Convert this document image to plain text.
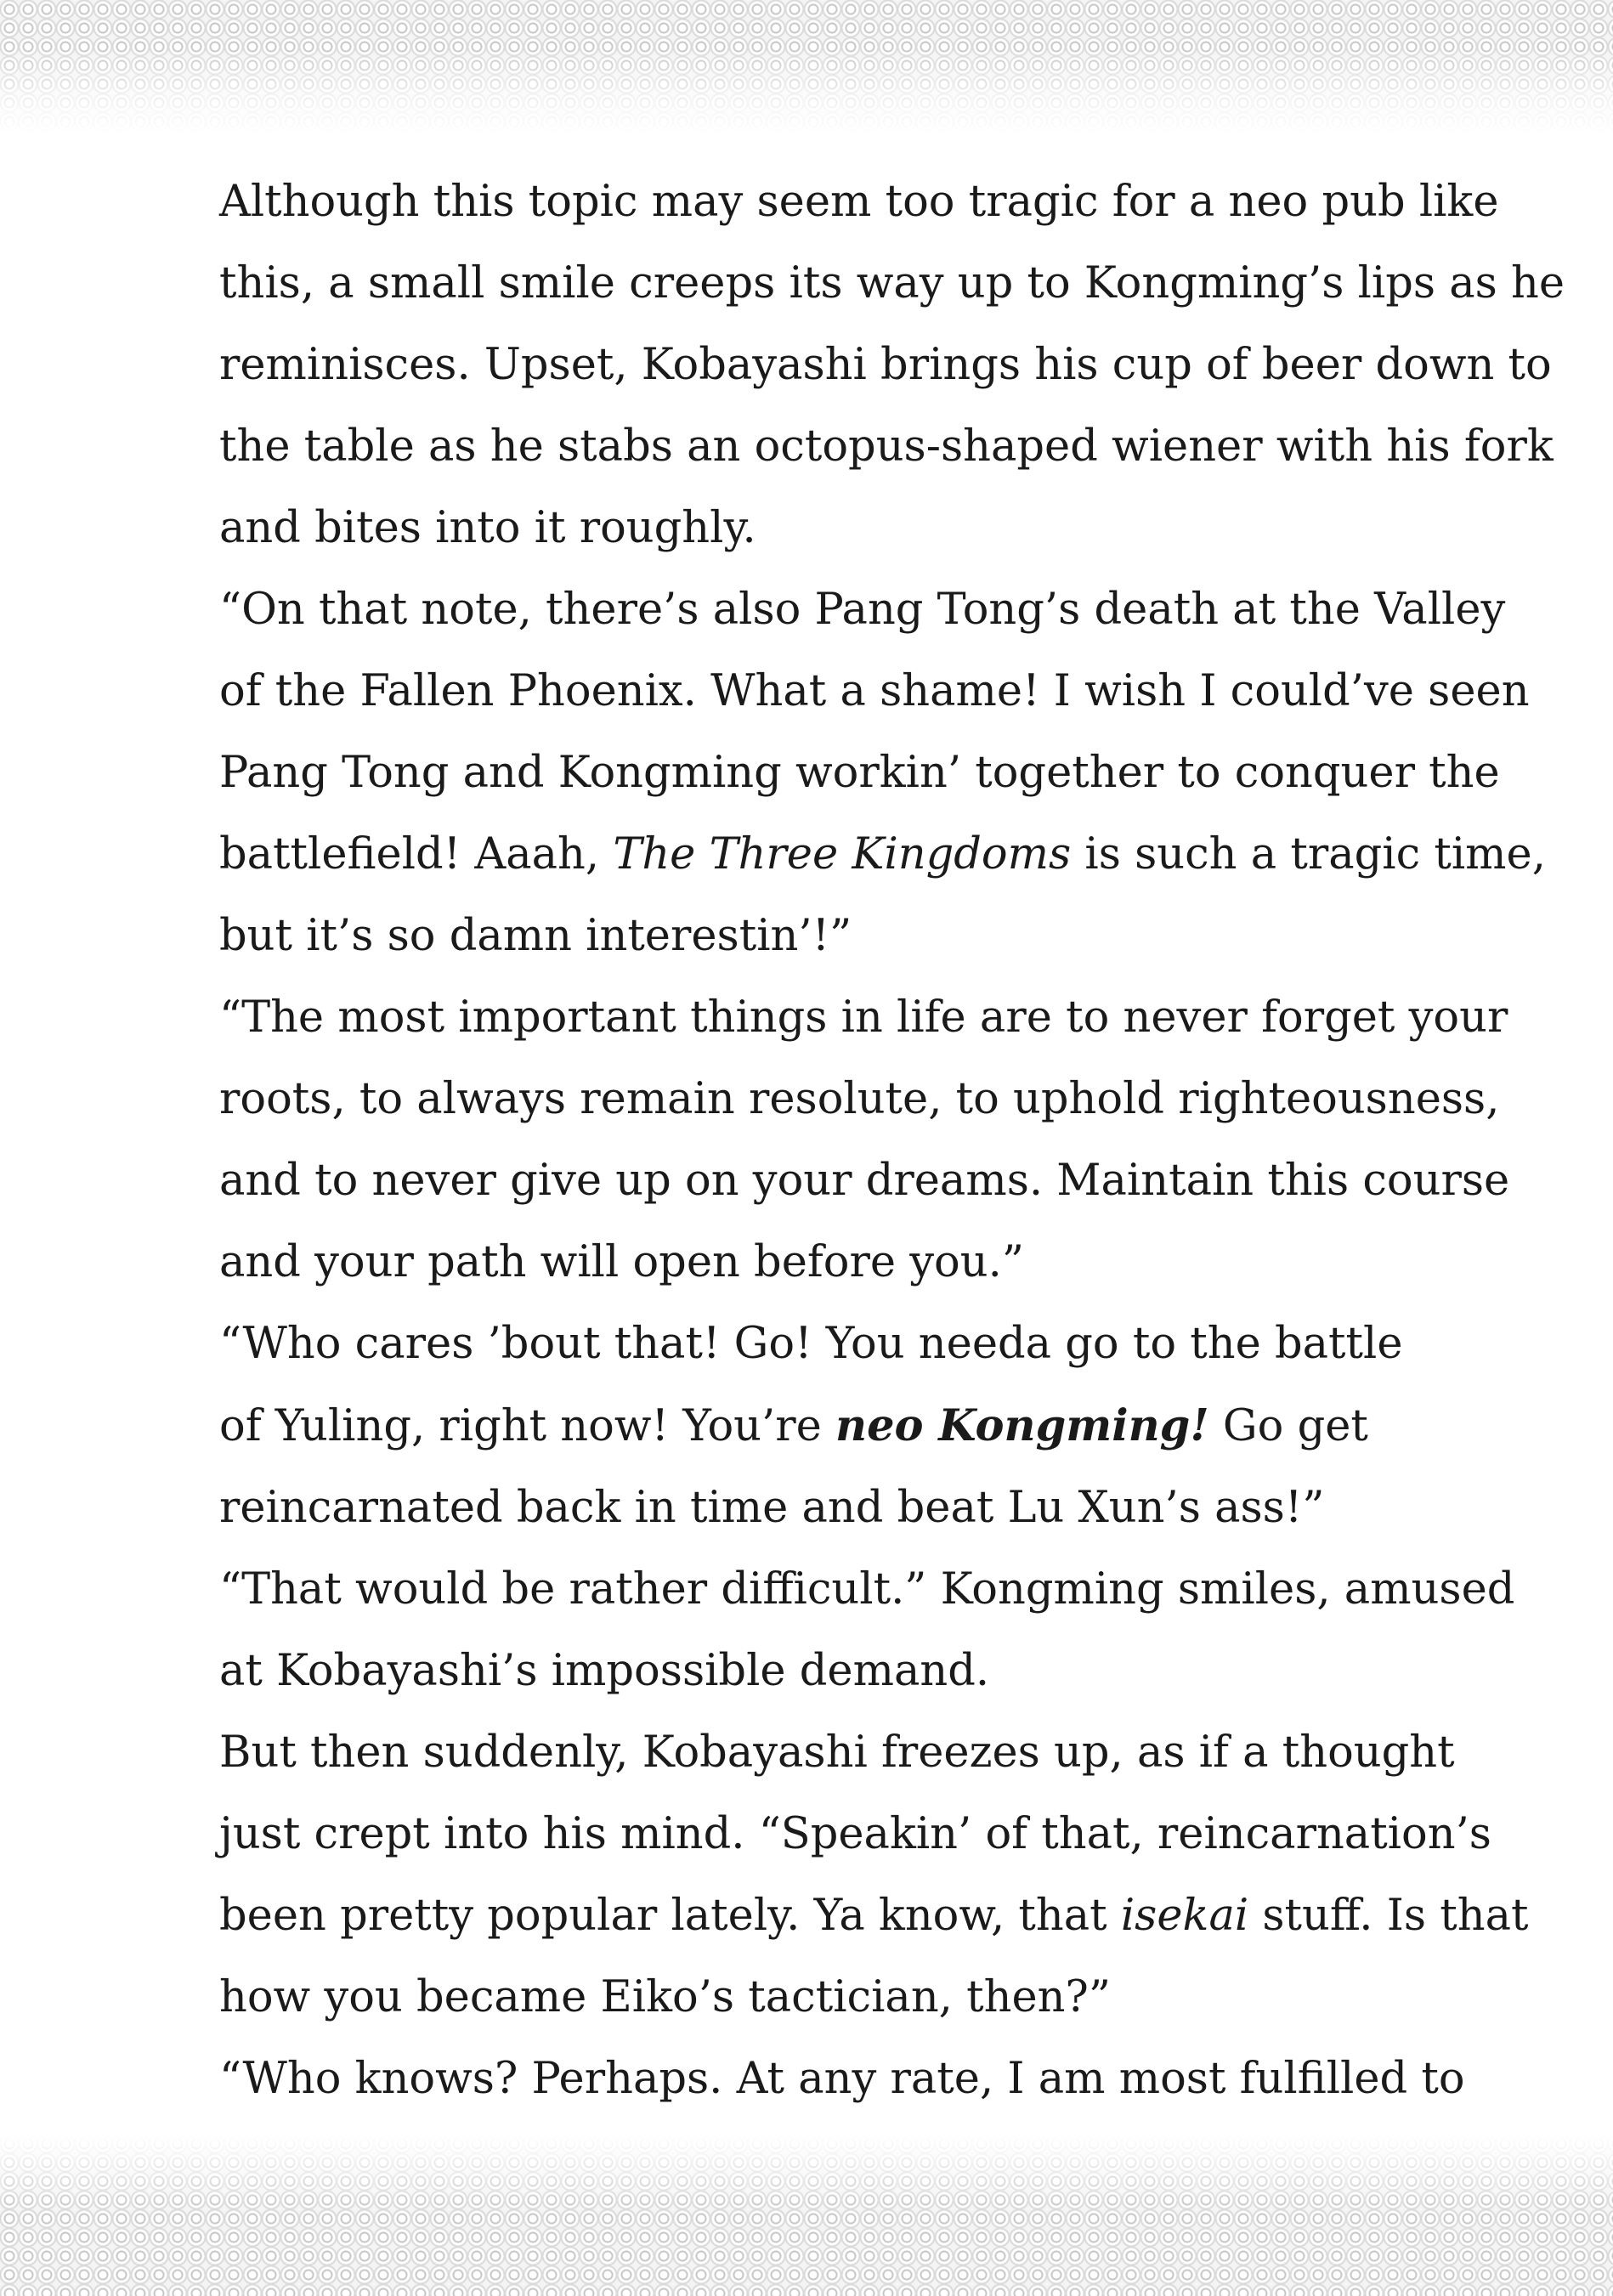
Although this topic may seem too tragic for a neo pub like
this, a small smile creeps its way up to Kongming’s lips as he
reminisces. Upset, Kobayashi brings his cup of beer down to
the table as he stabs an octopus-shaped wiener with his fork
and bites into it roughly.

“On that note, there’s also Pang Tong’s death at the Valley
of the Fallen Phoenix. What a shame! I wish I could’ve seen
Pang Tong and Kongming workin’ together to conquer the
battlefield! Aaah, The Three Kingdoms is such a tragic time,
but it’s so damn interestin’!”

“The most important things in life are to never forget your
roots, to always remain resolute, to uphold righteousness,
and to never give up on your dreams. Maintain this course
and your path will open before you.”

“Who cares ’bout that! Go! You needa go to the battle
of Yuling, right now! You’re neo Kongming! Go get
reincarnated back in time and beat Lu Xun’s ass!”

“That would be rather difficult.” Kongming smiles, amused
at Kobayashi’s impossible demand.

But then suddenly, Kobayashi freezes up, as if a thought
just crept into his mind. “Speakin’ of that, reincarnation’s
been pretty popular lately. Ya know, that isekai stuff. Is that
how you became Eiko’s tactician, then?”

“Who knows? Perhaps. At any rate, I am most fulfilled to
